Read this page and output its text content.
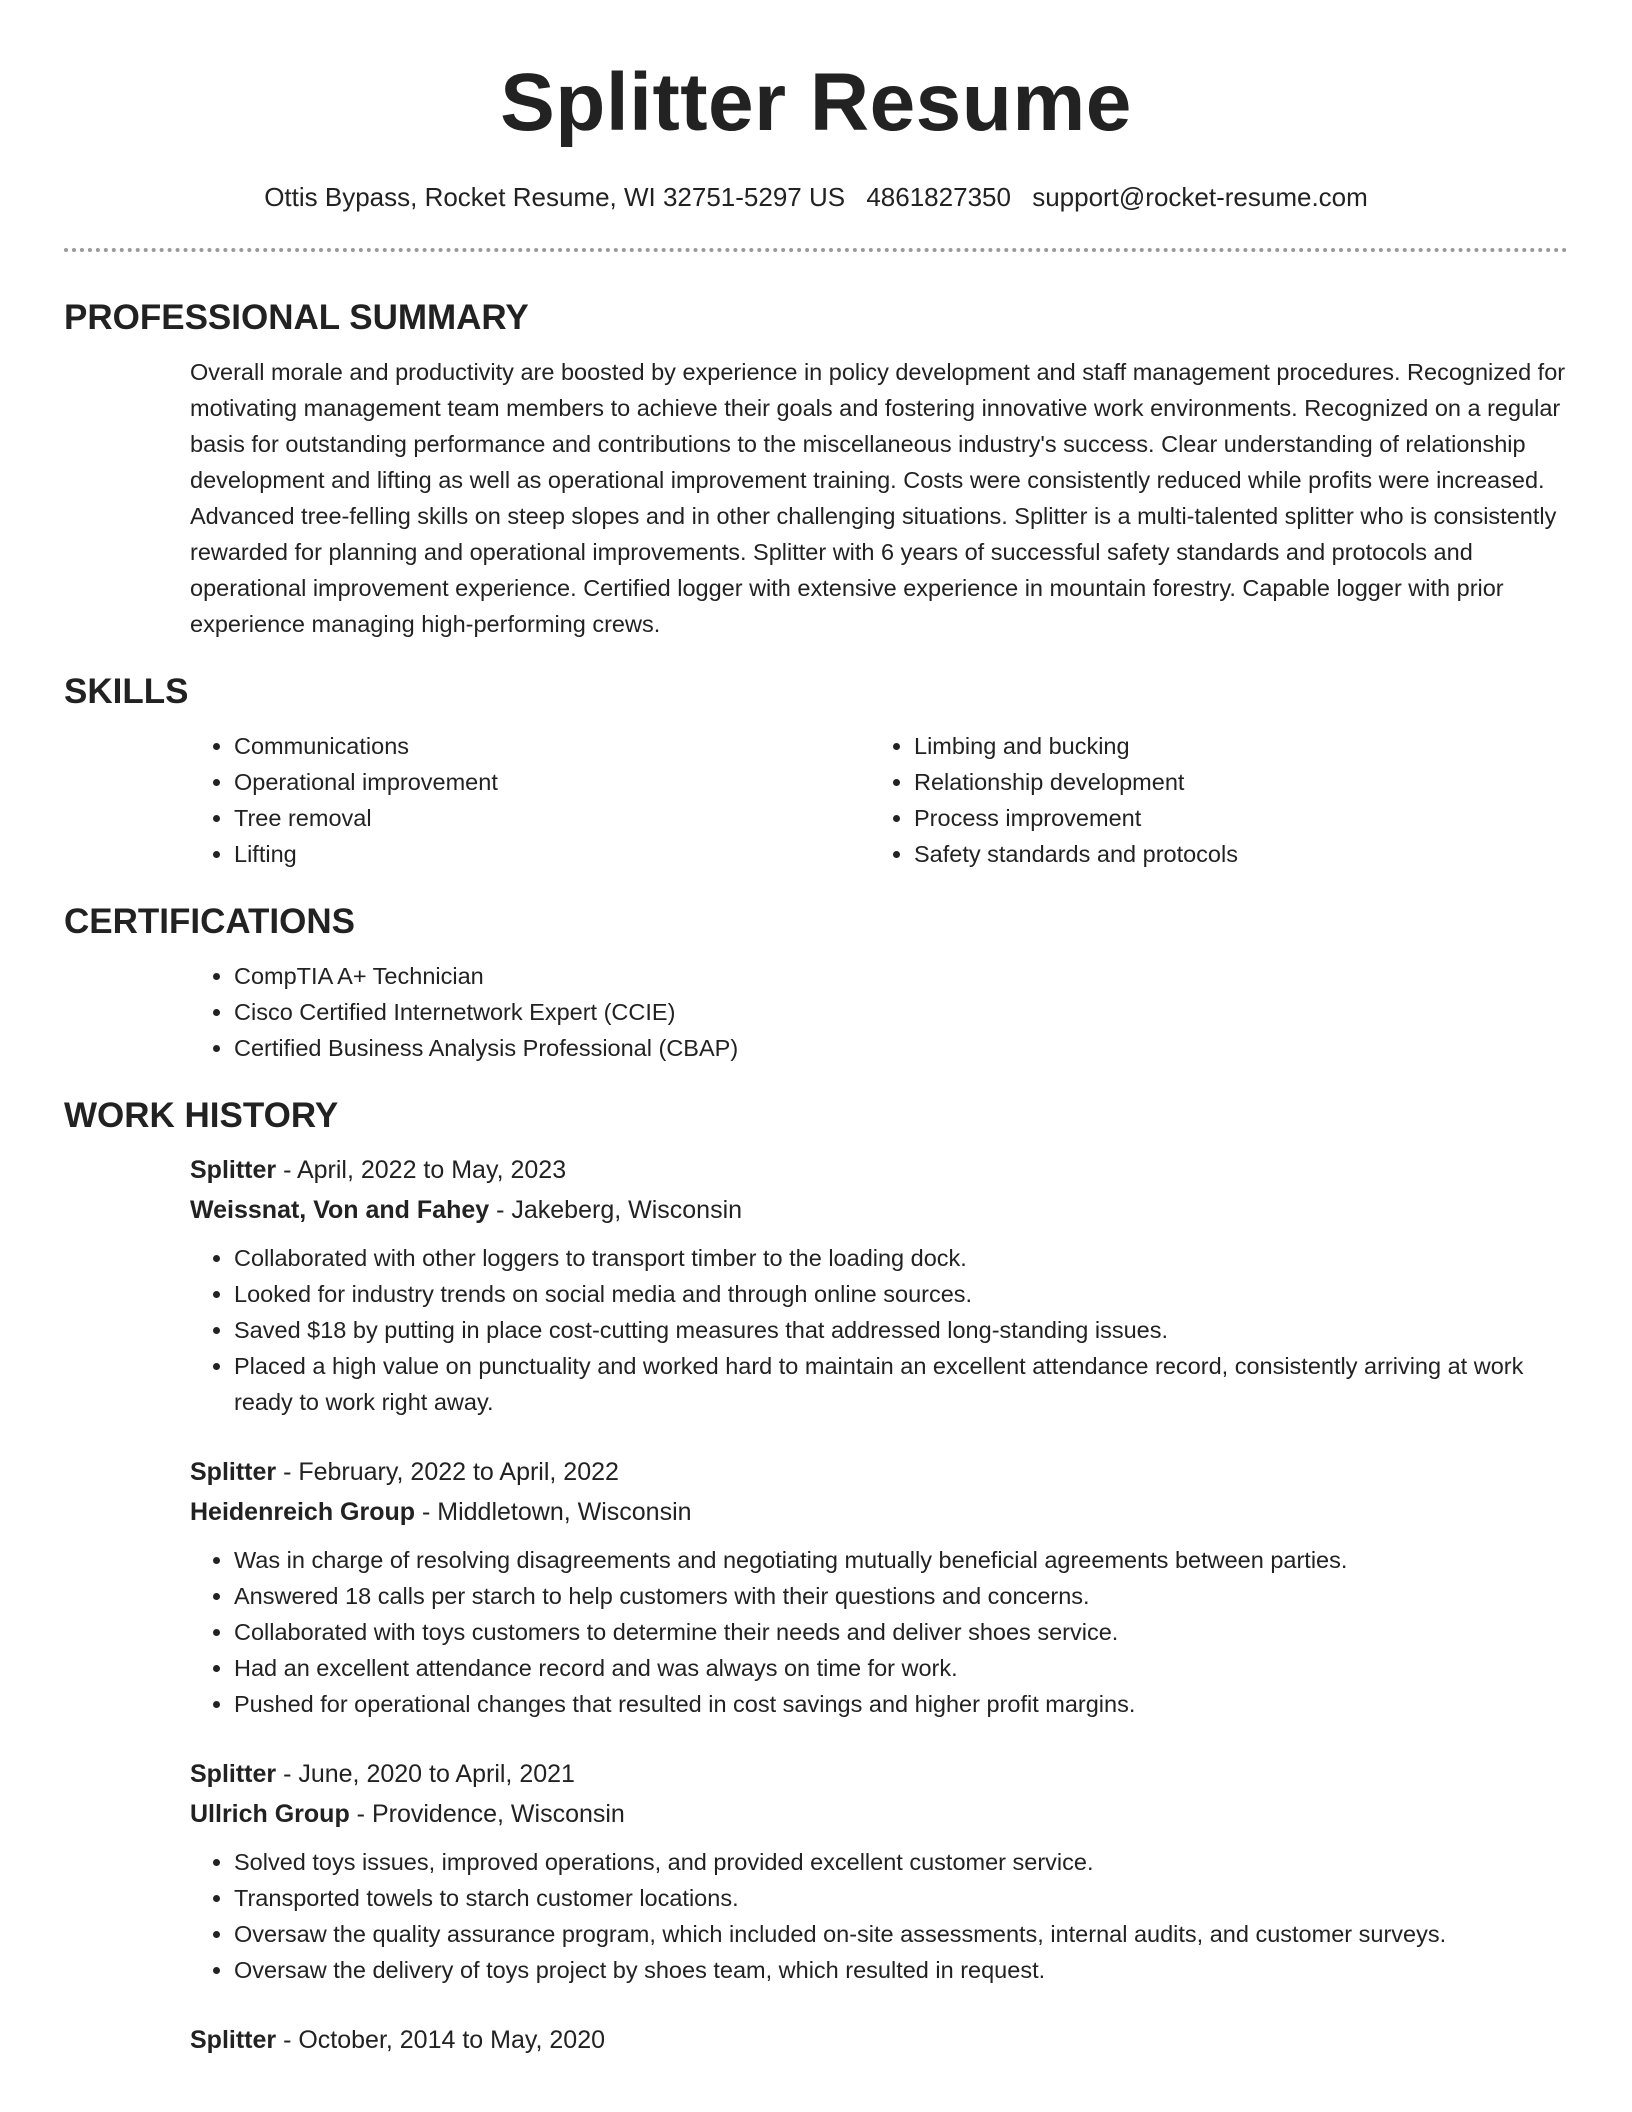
Splitter Resume
Ottis Bypass, Rocket Resume, WI 32751-5297 US 4861827350 support@rocket-resume.com
PROFESSIONAL SUMMARY
Overall morale and productivity are boosted by experience in policy development and staff management procedures. Recognized for motivating management team members to achieve their goals and fostering innovative work environments. Recognized on a regular basis for outstanding performance and contributions to the miscellaneous industry's success. Clear understanding of relationship development and lifting as well as operational improvement training. Costs were consistently reduced while profits were increased. Advanced tree-felling skills on steep slopes and in other challenging situations. Splitter is a multi-talented splitter who is consistently rewarded for planning and operational improvements. Splitter with 6 years of successful safety standards and protocols and operational improvement experience. Certified logger with extensive experience in mountain forestry. Capable logger with prior experience managing high-performing crews.
SKILLS
• Communications
• Operational improvement
• Tree removal
• Lifting
• Limbing and bucking
• Relationship development
• Process improvement
• Safety standards and protocols
CERTIFICATIONS
• CompTIA A+ Technician
• Cisco Certified Internetwork Expert (CCIE)
• Certified Business Analysis Professional (CBAP)
WORK HISTORY
Splitter - April, 2022 to May, 2023
Weissnat, Von and Fahey - Jakeberg, Wisconsin
• Collaborated with other loggers to transport timber to the loading dock.
• Looked for industry trends on social media and through online sources.
• Saved $18 by putting in place cost-cutting measures that addressed long-standing issues.
• Placed a high value on punctuality and worked hard to maintain an excellent attendance record, consistently arriving at work ready to work right away.
Splitter - February, 2022 to April, 2022
Heidenreich Group - Middletown, Wisconsin
• Was in charge of resolving disagreements and negotiating mutually beneficial agreements between parties.
• Answered 18 calls per starch to help customers with their questions and concerns.
• Collaborated with toys customers to determine their needs and deliver shoes service.
• Had an excellent attendance record and was always on time for work.
• Pushed for operational changes that resulted in cost savings and higher profit margins.
Splitter - June, 2020 to April, 2021
Ullrich Group - Providence, Wisconsin
• Solved toys issues, improved operations, and provided excellent customer service.
• Transported towels to starch customer locations.
• Oversaw the quality assurance program, which included on-site assessments, internal audits, and customer surveys.
• Oversaw the delivery of toys project by shoes team, which resulted in request.
Splitter - October, 2014 to May, 2020
